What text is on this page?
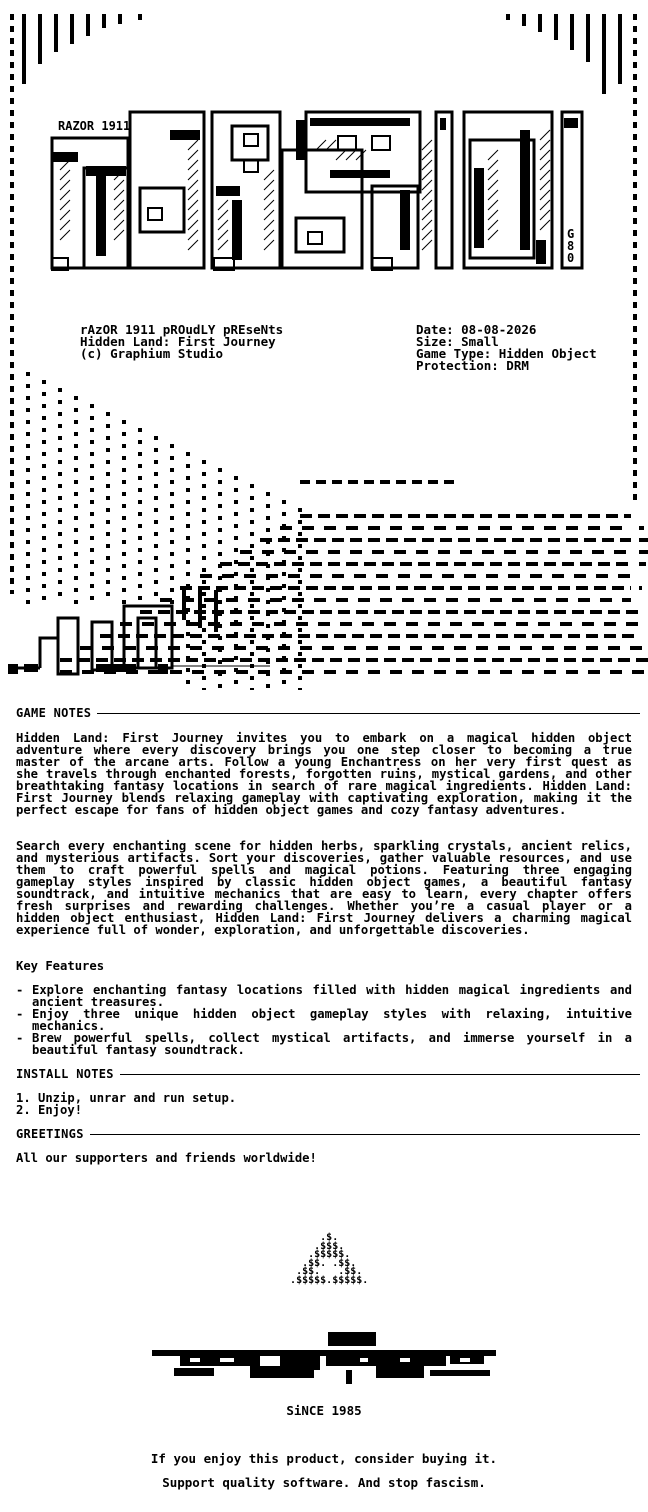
RAZOR 1911
G80
rAzOR 1911 pROudLY pREseNts
Hidden Land: First Journey
(c) Graphium Studio
Date: 08-08-2026
Size: Small
Game Type: Hidden Object
Protection: DRM
GAME NOTES
Hidden Land: First Journey invites you to embark on a magical hidden object adventure where every discovery brings you one step closer to becoming a true master of the arcane arts. Follow a young Enchantress on her very first quest as she travels through enchanted forests, forgotten ruins, mystical gardens, and other breathtaking fantasy locations in search of rare magical ingredients. Hidden Land: First Journey blends relaxing gameplay with captivating exploration, making it the perfect escape for fans of hidden object games and cozy fantasy adventures.
Search every enchanting scene for hidden herbs, sparkling crystals, ancient relics, and mysterious artifacts. Sort your discoveries, gather valuable resources, and use them to craft powerful spells and magical potions. Featuring three engaging gameplay styles inspired by classic hidden object games, a beautiful fantasy soundtrack, and intuitive mechanics that are easy to learn, every chapter offers fresh surprises and rewarding challenges. Whether you’re a casual player or a hidden object enthusiast, Hidden Land: First Journey delivers a charming magical experience full of wonder, exploration, and unforgettable discoveries.
Key Features
- Explore enchanting fantasy locations filled with hidden magical ingredients and ancient treasures.
- Enjoy three unique hidden object gameplay styles with relaxing, intuitive mechanics.
- Brew powerful spells, collect mystical artifacts, and immerse yourself in a beautiful fantasy soundtrack.
INSTALL NOTES
1. Unzip, unrar and run setup.
2. Enjoy!
GREETINGS
All our supporters and friends worldwide!
.$.
.$$$.
.$$$$$.
.$$. .$$.
.$$.   .$$.
.$$$$$.$$$$$.
SiNCE 1985
If you enjoy this product, consider buying it.
Support quality software. And stop fascism.
